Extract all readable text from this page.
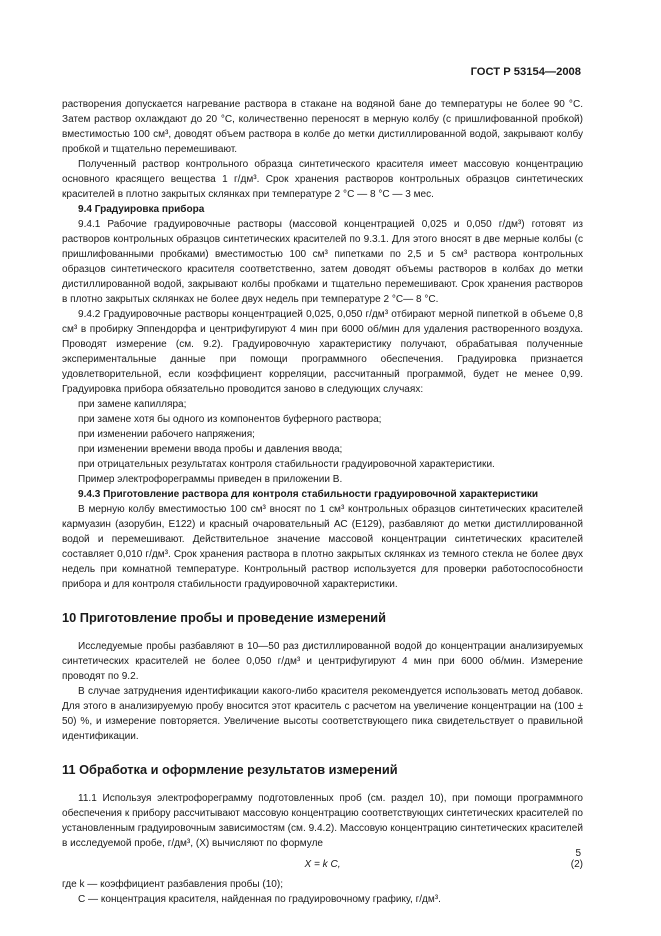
ГОСТ Р 53154—2008

растворения допускается нагревание раствора в стакане на водяной бане до температуры не более 90 °С. Затем раствор охлаждают до 20 °С, количественно переносят в мерную колбу (с пришлифованной пробкой) вместимостью 100 см³, доводят объем раствора в колбе до метки дистиллированной водой, закрывают колбу пробкой и тщательно перемешивают.

Полученный раствор контрольного образца синтетического красителя имеет массовую концентрацию основного красящего вещества 1 г/дм³. Срок хранения растворов контрольных образцов синтетических красителей в плотно закрытых склянках при температуре 2 °С — 8 °С — 3 мес.

9.4 Градуировка прибора

9.4.1 Рабочие градуировочные растворы (массовой концентрацией 0,025 и 0,050 г/дм³) готовят из растворов контрольных образцов синтетических красителей по 9.3.1. Для этого вносят в две мерные колбы (с пришлифованными пробками) вместимостью 100 см³ пипетками по 2,5 и 5 см³ раствора контрольных образцов синтетического красителя соответственно, затем доводят объемы растворов в колбах до метки дистиллированной водой, закрывают колбы пробками и тщательно перемешивают. Срок хранения растворов в плотно закрытых склянках не более двух недель при температуре 2 °С— 8 °С.

9.4.2 Градуировочные растворы концентрацией 0,025, 0,050 г/дм³ отбирают мерной пипеткой в объеме 0,8 см³ в пробирку Эппендорфа и центрифугируют 4 мин при 6000 об/мин для удаления растворенного воздуха. Проводят измерение (см. 9.2). Градуировочную характеристику получают, обрабатывая полученные экспериментальные данные при помощи программного обеспечения. Градуировка признается удовлетворительной, если коэффициент корреляции, рассчитанный программой, будет не менее 0,99. Градуировка прибора обязательно проводится заново в следующих случаях:

при замене капилляра;

при замене хотя бы одного из компонентов буферного раствора;

при изменении рабочего напряжения;

при изменении времени ввода пробы и давления ввода;

при отрицательных результатах контроля стабильности градуировочной характеристики.

Пример электрофореграммы приведен в приложении В.

9.4.3 Приготовление раствора для контроля стабильности градуировочной характеристики

В мерную колбу вместимостью 100 см³ вносят по 1 см³ контрольных образцов синтетических красителей кармуазин (азорубин, Е122) и красный очаровательный АС (Е129), разбавляют до метки дистиллированной водой и перемешивают. Действительное значение массовой концентрации синтетических красителей составляет 0,010 г/дм³. Срок хранения раствора в плотно закрытых склянках из темного стекла не более двух недель при комнатной температуре. Контрольный раствор используется для проверки работоспособности прибора и для контроля стабильности градуировочной характеристики.

10 Приготовление пробы и проведение измерений

Исследуемые пробы разбавляют в 10—50 раз дистиллированной водой до концентрации анализируемых синтетических красителей не более 0,050 г/дм³ и центрифугируют 4 мин при 6000 об/мин. Измерение проводят по 9.2.

В случае затруднения идентификации какого-либо красителя рекомендуется использовать метод добавок. Для этого в анализируемую пробу вносится этот краситель с расчетом на увеличение концентрации на (100 ± 50) %, и измерение повторяется. Увеличение высоты соответствующего пика свидетельствует о правильной идентификации.

11 Обработка и оформление результатов измерений

11.1 Используя электрофореграмму подготовленных проб (см. раздел 10), при помощи программного обеспечения к прибору рассчитывают массовую концентрацию соответствующих синтетических красителей по установленным градуировочным зависимостям (см. 9.4.2). Массовую концентрацию синтетических красителей в исследуемой пробе, г/дм³, (X) вычисляют по формуле

X = k C,	(2)

где k — коэффициент разбавления пробы (10);

C — концентрация красителя, найденная по градуировочному графику, г/дм³.

5
